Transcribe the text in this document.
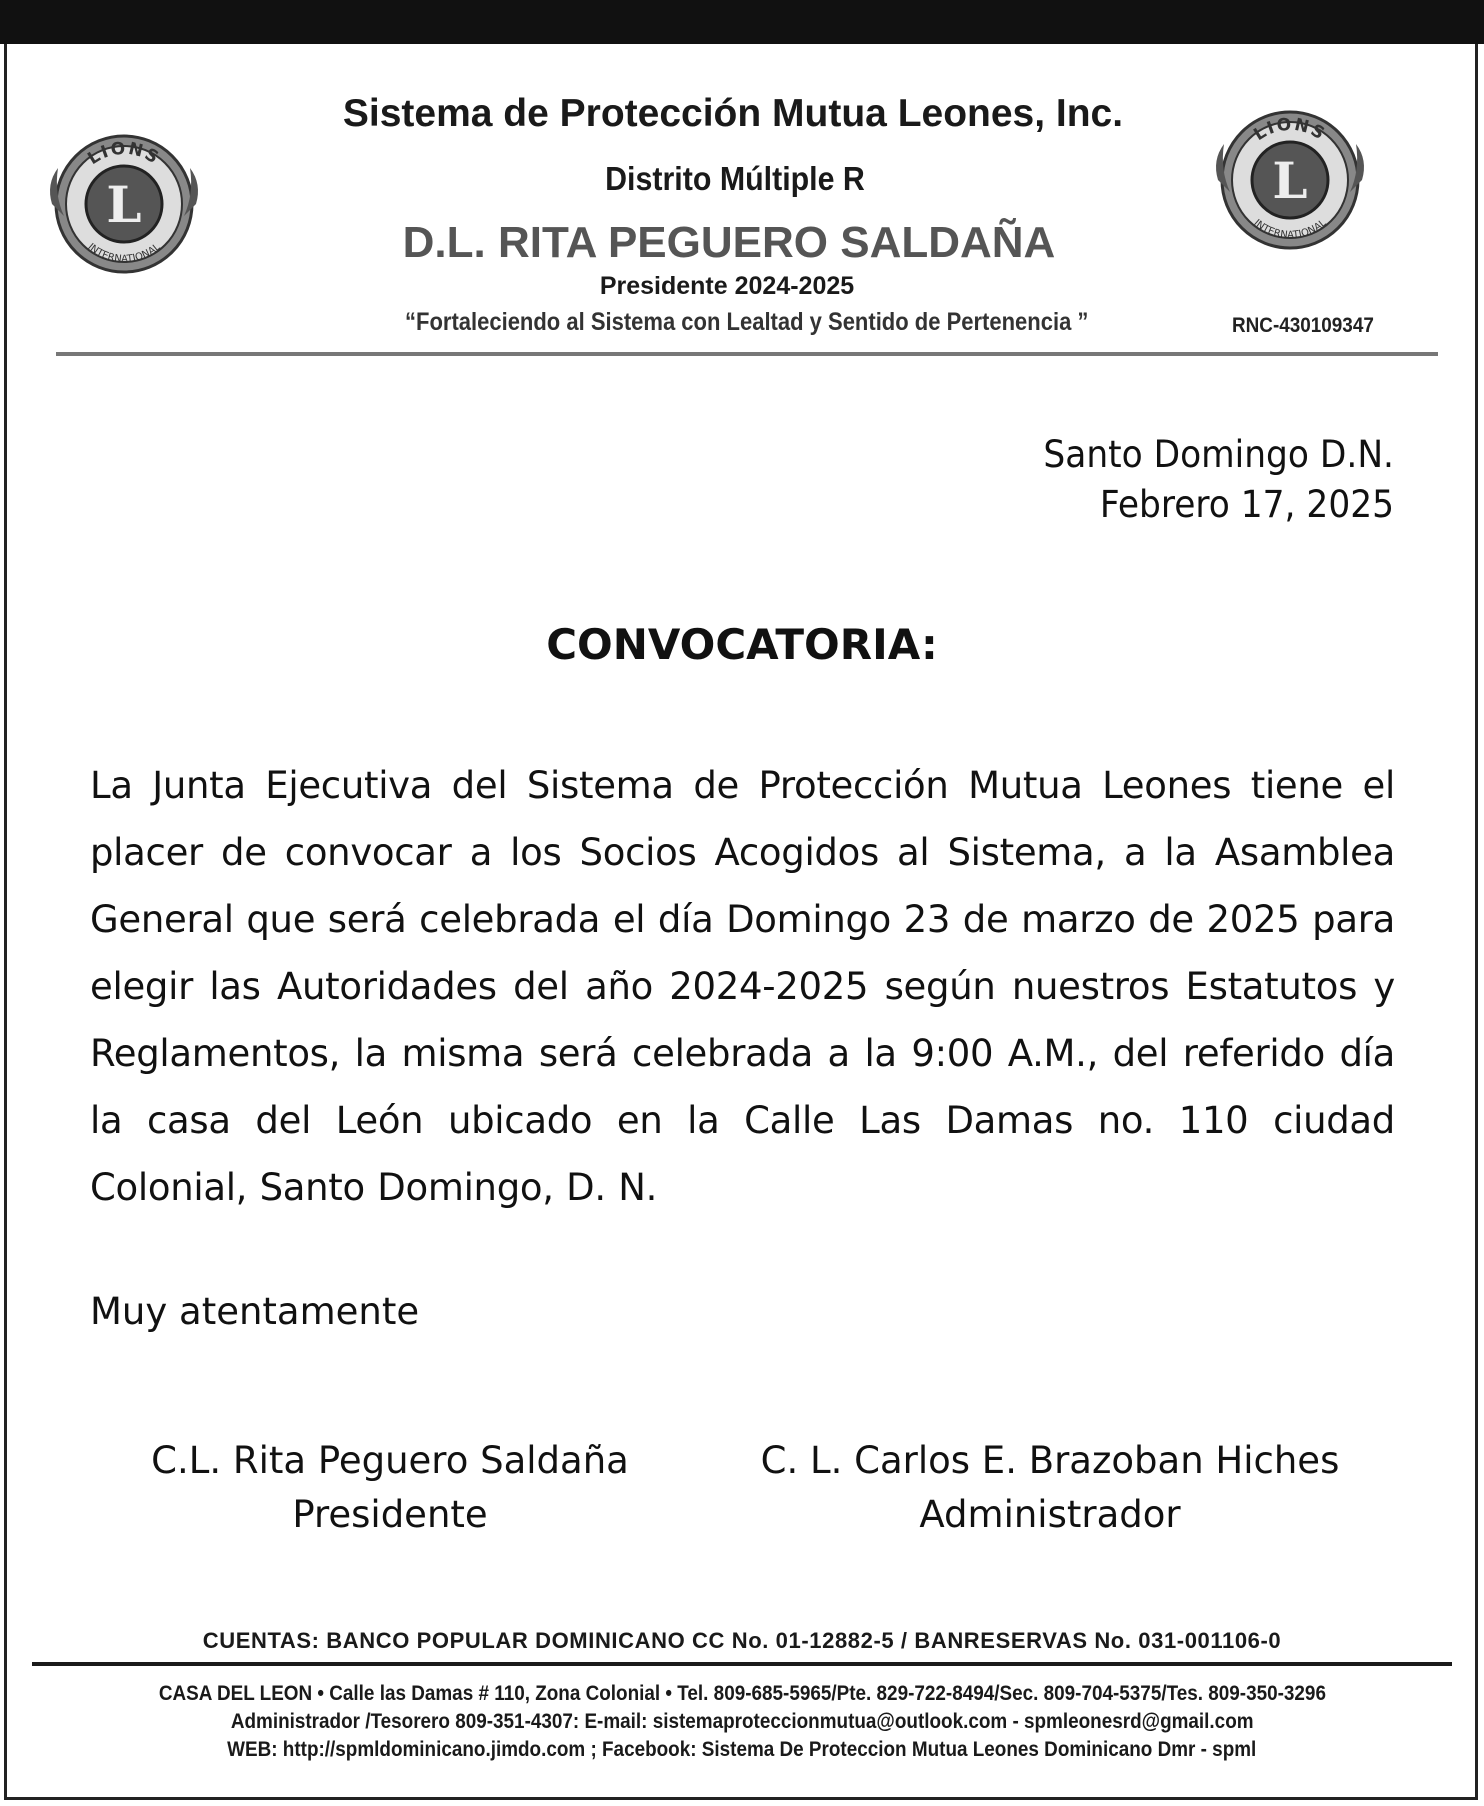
L
LIONS
INTERNATIONAL
L
LIONS
INTERNATIONAL
Sistema de Protección Mutua Leones, Inc.
Distrito Múltiple R
D.L. RITA PEGUERO SALDAÑA
Presidente 2024-2025
“Fortaleciendo al Sistema con Lealtad y Sentido de Pertenencia ”	RNC-430109347
Santo Domingo D.N.
Febrero 17, 2025
CONVOCATORIA:
La Junta Ejecutiva del Sistema de Protección Mutua Leones tiene el placer de convocar a los Socios Acogidos al Sistema, a la Asamblea General que será celebrada el día Domingo 23 de marzo de 2025 para elegir las Autoridades del año 2024-2025 según nuestros Estatutos y Reglamentos, la misma será celebrada a la 9:00 A.M., del referido día la casa del León ubicado en la Calle Las Damas no. 110 ciudad Colonial, Santo Domingo, D. N.
Muy atentamente
C.L. Rita Peguero Saldaña
Presidente
C. L. Carlos E. Brazoban Hiches
Administrador
CUENTAS: BANCO POPULAR DOMINICANO CC No. 01-12882-5 / BANRESERVAS No. 031-001106-0
CASA DEL LEON • Calle las Damas # 110, Zona Colonial • Tel. 809-685-5965/Pte. 829-722-8494/Sec. 809-704-5375/Tes. 809-350-3296
Administrador /Tesorero 809-351-4307: E-mail: sistemaproteccionmutua@outlook.com - spmleonesrd@gmail.com
WEB: http://spmldominicano.jimdo.com ; Facebook: Sistema De Proteccion Mutua Leones Dominicano Dmr - spml
